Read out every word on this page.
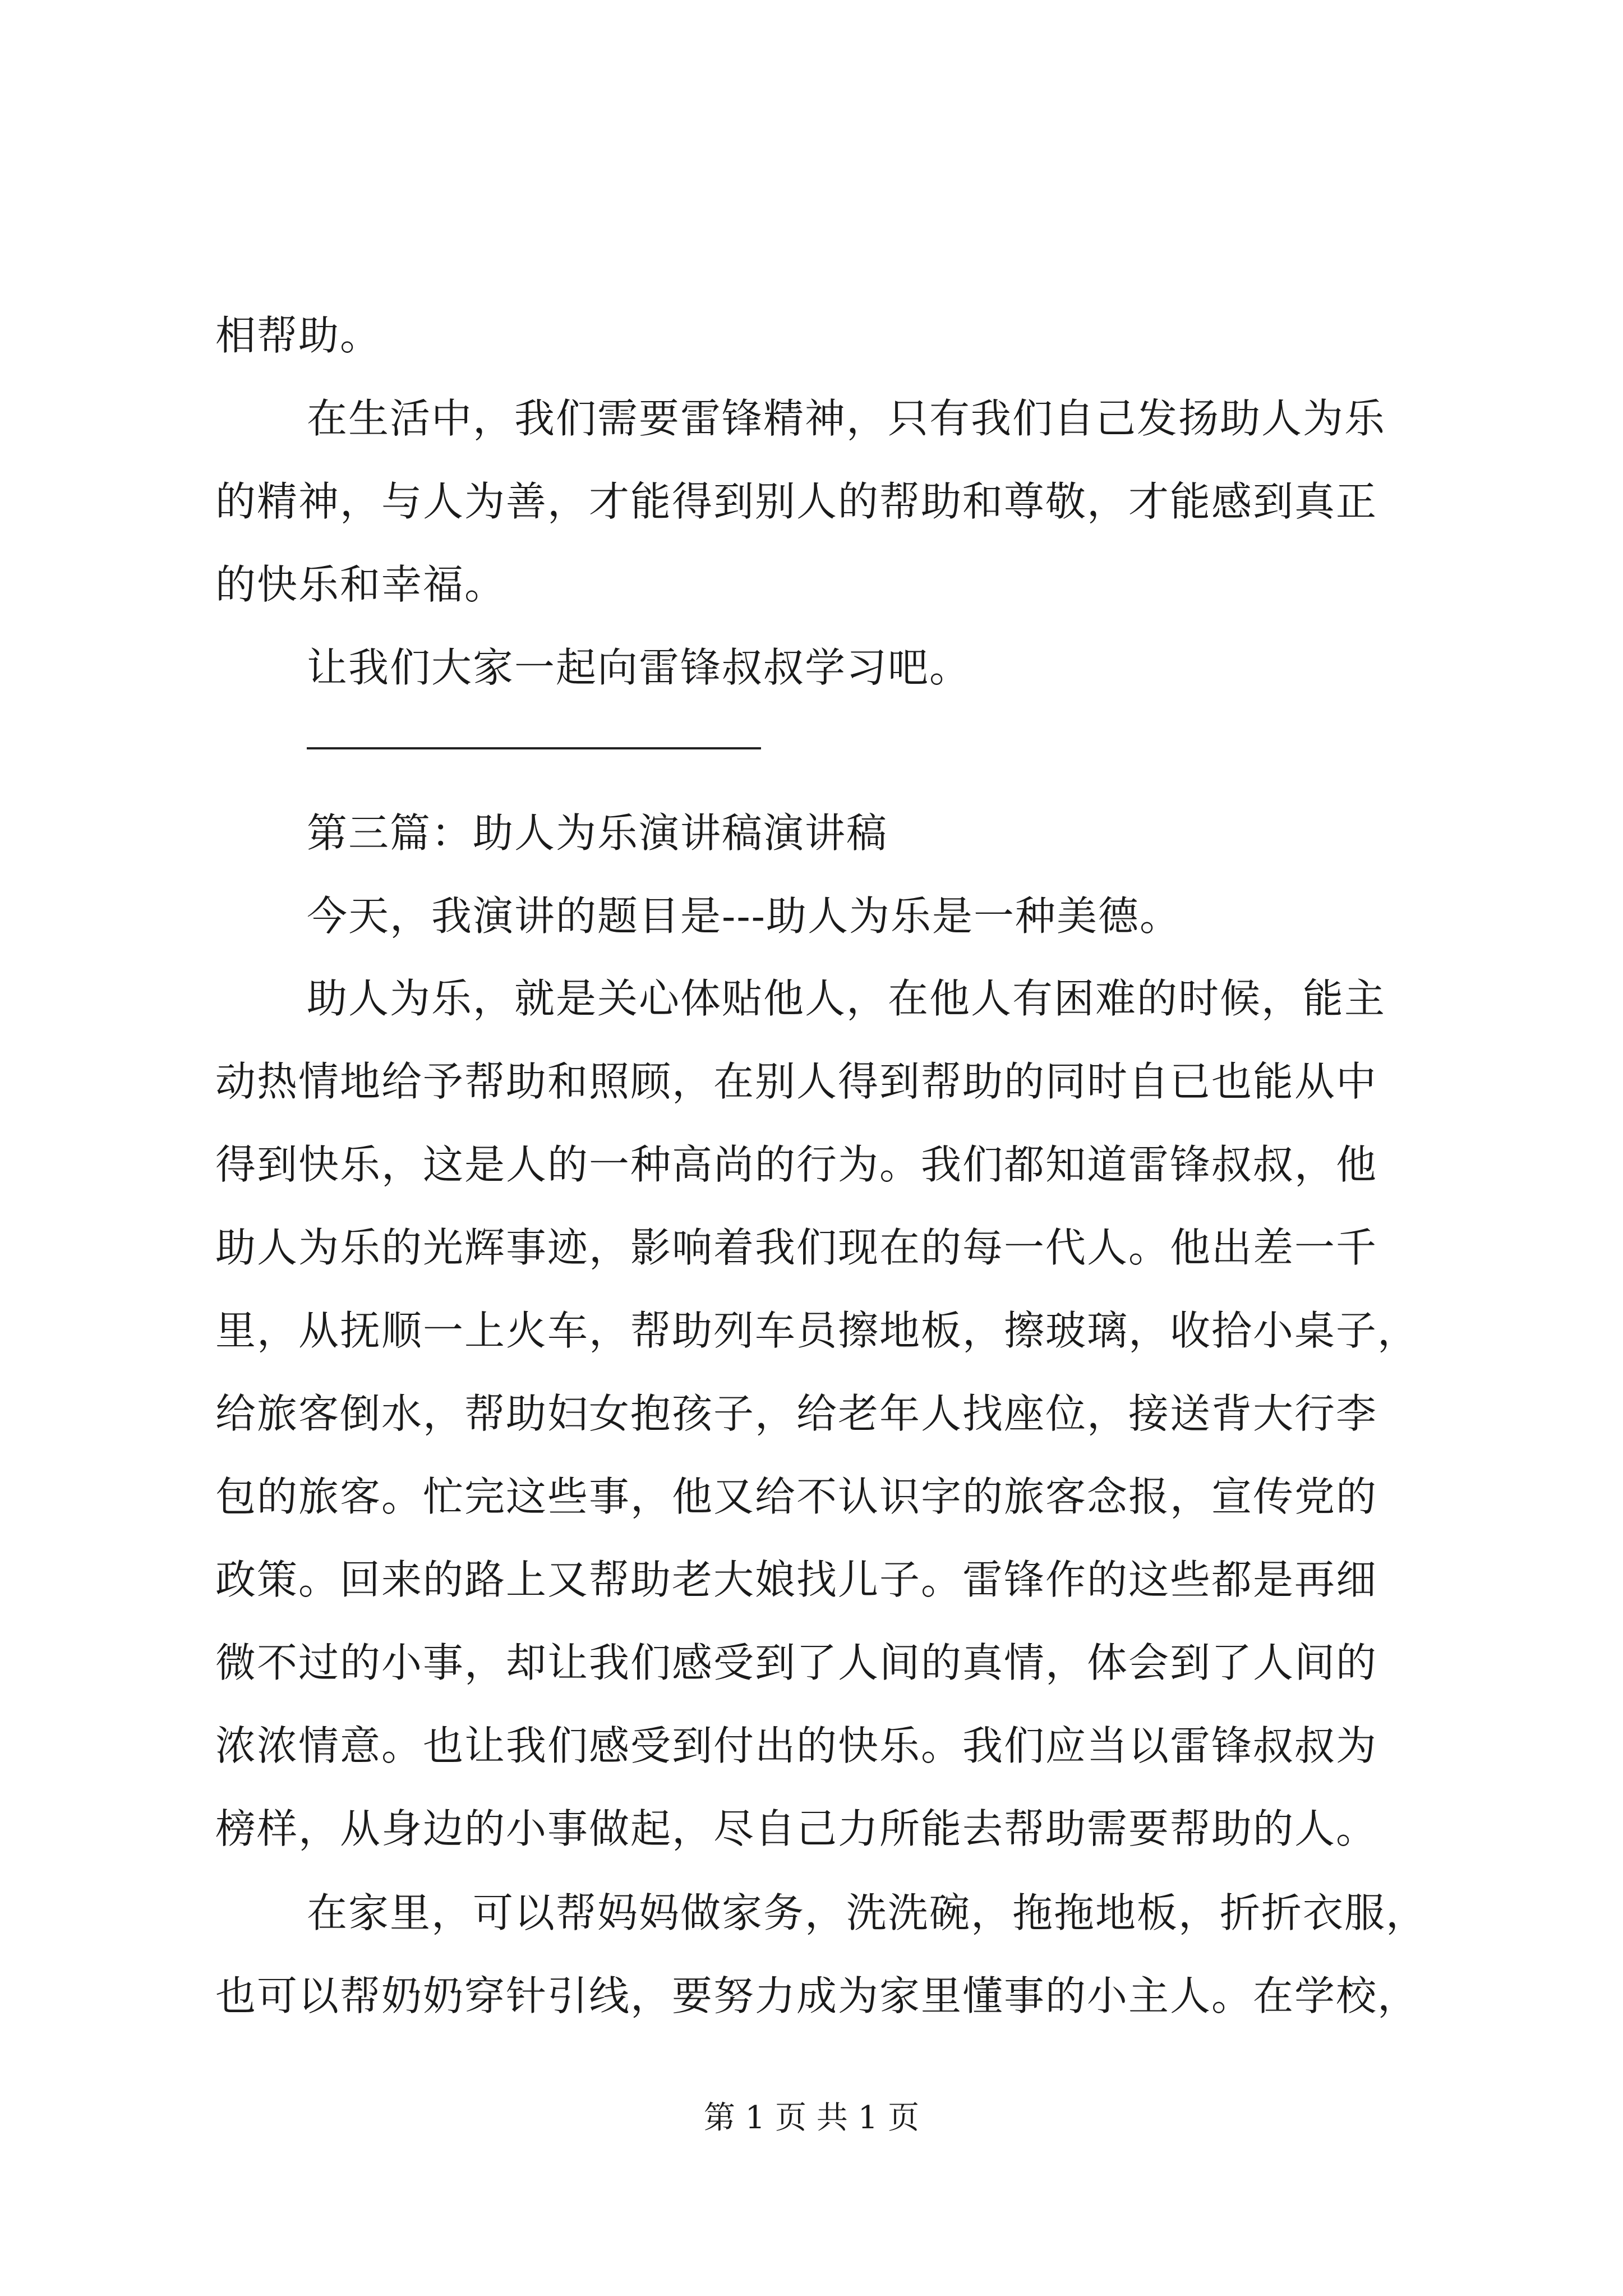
相帮助。
在生活中，我们需要雷锋精神，只有我们自己发扬助人为乐
的精神，与人为善，才能得到别人的帮助和尊敬，才能感到真正
的快乐和幸福。
让我们大家一起向雷锋叔叔学习吧。
第三篇：助人为乐演讲稿演讲稿
今天，我演讲的题目是---助人为乐是一种美德。
助人为乐，就是关心体贴他人，在他人有困难的时候，能主
动热情地给予帮助和照顾，在别人得到帮助的同时自已也能从中
得到快乐，这是人的一种高尚的行为。我们都知道雷锋叔叔，他
助人为乐的光辉事迹，影响着我们现在的每一代人。他出差一千
里，从抚顺一上火车，帮助列车员擦地板，擦玻璃，收拾小桌子，
给旅客倒水，帮助妇女抱孩子，给老年人找座位，接送背大行李
包的旅客。忙完这些事，他又给不认识字的旅客念报，宣传党的
政策。回来的路上又帮助老大娘找儿子。雷锋作的这些都是再细
微不过的小事，却让我们感受到了人间的真情，体会到了人间的
浓浓情意。也让我们感受到付出的快乐。我们应当以雷锋叔叔为
榜样，从身边的小事做起，尽自己力所能去帮助需要帮助的人。
在家里，可以帮妈妈做家务，洗洗碗，拖拖地板，折折衣服，
也可以帮奶奶穿针引线，要努力成为家里懂事的小主人。在学校，
第 1 页 共 1 页
